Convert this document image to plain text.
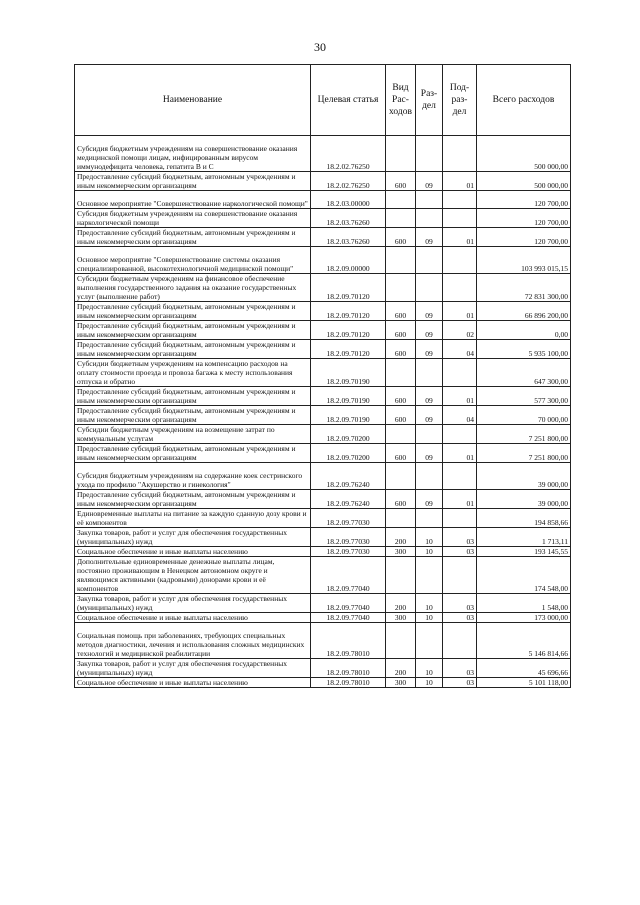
30
Наименование	Целевая статья	Вид Рас-ходов	Раз-дел	Под-раз-дел	Всего расходов
Субсидия бюджетным учреждениям на совершенствование оказания медицинской помощи лицам, инфицированным вирусом иммунодефицита человека, гепатита В и С	18.2.02.76250				500 000,00
Предоставление субсидий бюджетным, автономным учреждениям и иным некоммерческим организациям	18.2.02.76250	600	09	01	500 000,00
Основное мероприятие "Совершенствование наркологической помощи"	18.2.03.00000				120 700,00
Субсидия бюджетным учреждениям на совершенствование оказания наркологической помощи	18.2.03.76260				120 700,00
Предоставление субсидий бюджетным, автономным учреждениям и иным некоммерческим организациям	18.2.03.76260	600	09	01	120 700,00
Основное мероприятие "Совершенствование системы оказания специализированной, высокотехнологичной медицинской помощи"	18.2.09.00000				103 993 015,15
Субсидии бюджетным учреждениям на финансовое обеспечение выполнения государственного задания на оказание государственных услуг (выполнение работ)	18.2.09.70120				72 831 300,00
Предоставление субсидий бюджетным, автономным учреждениям и иным некоммерческим организациям	18.2.09.70120	600	09	01	66 896 200,00
Предоставление субсидий бюджетным, автономным учреждениям и иным некоммерческим организациям	18.2.09.70120	600	09	02	0,00
Предоставление субсидий бюджетным, автономным учреждениям и иным некоммерческим организациям	18.2.09.70120	600	09	04	5 935 100,00
Субсидии бюджетным учреждениям на компенсацию расходов на оплату стоимости проезда и провоза багажа к месту использования отпуска и обратно	18.2.09.70190				647 300,00
Предоставление субсидий бюджетным, автономным учреждениям и иным некоммерческим организациям	18.2.09.70190	600	09	01	577 300,00
Предоставление субсидий бюджетным, автономным учреждениям и иным некоммерческим организациям	18.2.09.70190	600	09	04	70 000,00
Субсидии бюджетным учреждениям на возмещение затрат по коммунальным услугам	18.2.09.70200				7 251 800,00
Предоставление субсидий бюджетным, автономным учреждениям и иным некоммерческим организациям	18.2.09.70200	600	09	01	7 251 800,00
Субсидия бюджетным учреждениям на содержание коек сестринского ухода по профилю "Акушерство и гинекология"	18.2.09.76240				39 000,00
Предоставление субсидий бюджетным, автономным учреждениям и иным некоммерческим организациям	18.2.09.76240	600	09	01	39 000,00
Единовременные выплаты на питание за каждую сданную дозу крови и её компонентов	18.2.09.77030				194 858,66
Закупка товаров, работ и услуг для обеспечения государственных (муниципальных) нужд	18.2.09.77030	200	10	03	1 713,11
Социальное обеспечение и иные выплаты населению	18.2.09.77030	300	10	03	193 145,55
Дополнительные единовременные денежные выплаты лицам, постоянно проживающим в Ненецком автономном округе и являющимся активными (кадровыми) донорами крови и её компонентов	18.2.09.77040				174 548,00
Закупка товаров, работ и услуг для обеспечения государственных (муниципальных) нужд	18.2.09.77040	200	10	03	1 548,00
Социальное обеспечение и иные выплаты населению	18.2.09.77040	300	10	03	173 000,00
Социальная помощь при заболеваниях, требующих специальных методов диагностики, лечения и использования сложных медицинских технологий и медицинской реабилитации	18.2.09.78010				5 146 814,66
Закупка товаров, работ и услуг для обеспечения государственных (муниципальных) нужд	18.2.09.78010	200	10	03	45 696,66
Социальное обеспечение и иные выплаты населению	18.2.09.78010	300	10	03	5 101 118,00
